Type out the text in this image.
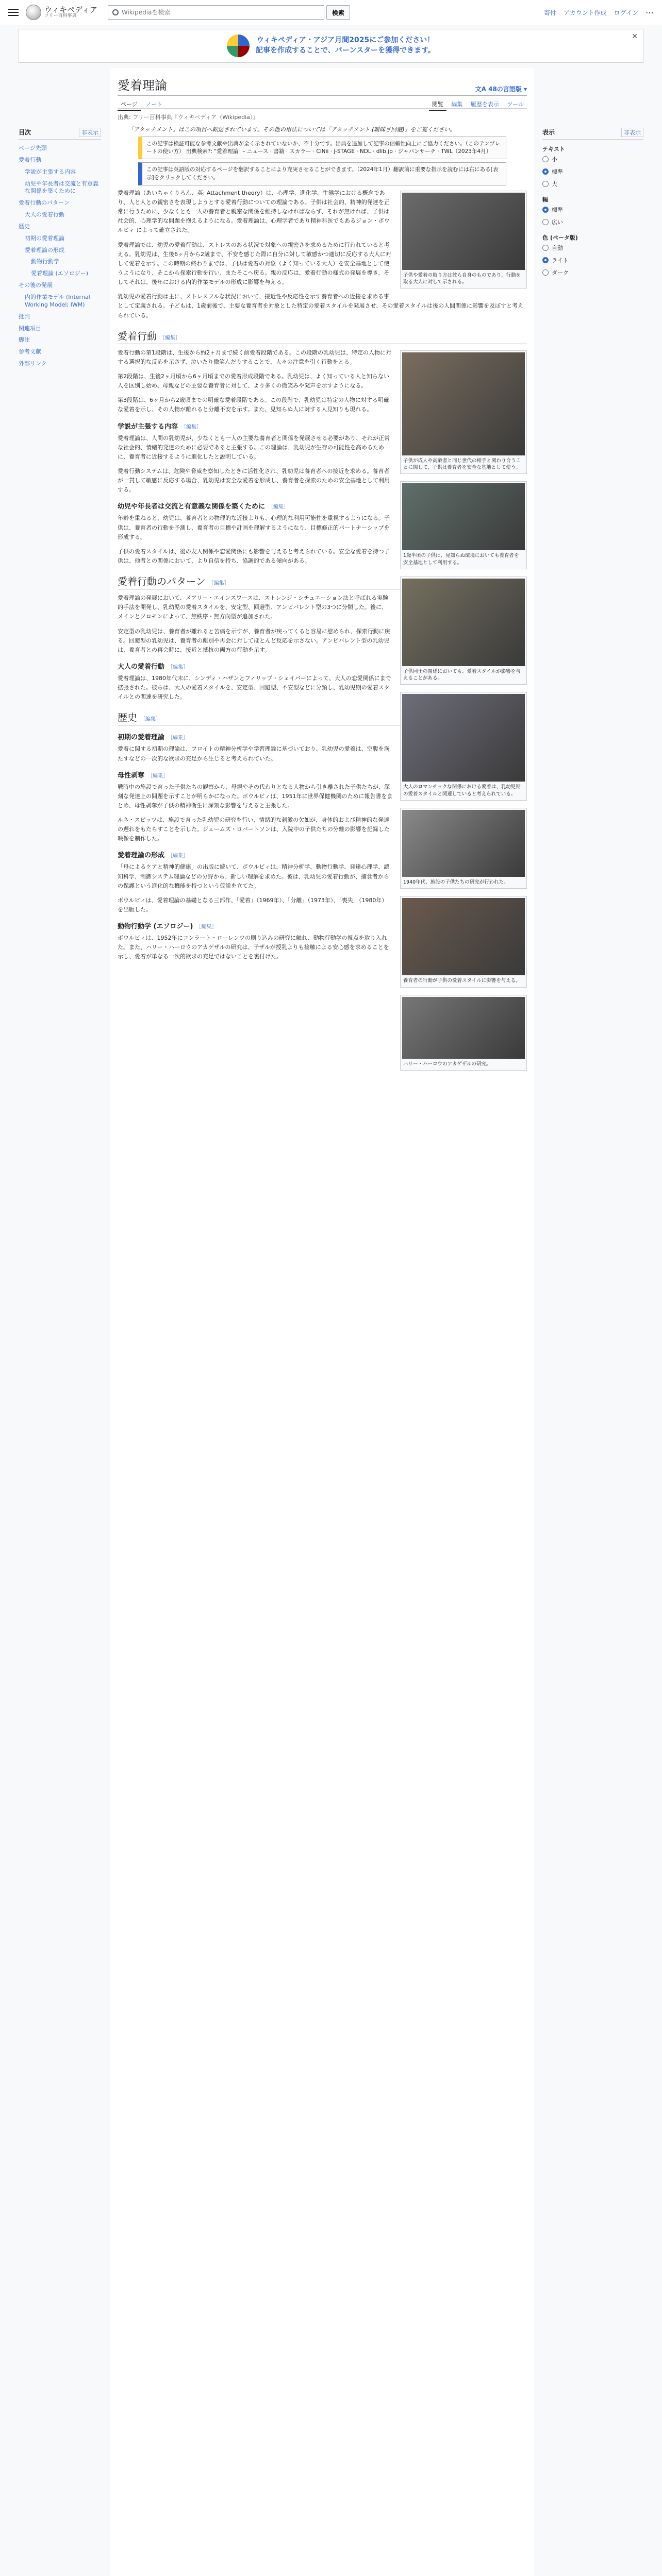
ウィキペディア
フリー百科事典
Wikipediaを検索	検索	寄付 アカウント作成 ログイン ⋯
ウィキペディア・アジア月間2025にご参加ください！
記事を作成することで、バーンスターを獲得できます。
✕
目次	非表示
ページ先頭
愛着行動
学説が主張する内容
幼児や年長者は交流と有意義な関係を築くために
愛着行動のパターン
大人の愛着行動
歴史
初期の愛着理論
愛着理論の形成
動物行動学
愛着理論 (エソロジー)
その後の発展
内的作業モデル (Internal Working Model; IWM)
批判
関連項目
脚注
参考文献
外部リンク
愛着理論	文A 48の言語版 ▾
ページ ノート	閲覧 編集 履歴を表示 ツール
出典: フリー百科事典『ウィキペディア（Wikipedia）』
「アタッチメント」はこの項目へ転送されています。その他の用法については「アタッチメント (曖昧さ回避)」をご覧ください。
この記事は検証可能な参考文献や出典が全く示されていないか、不十分です。出典を追加して記事の信頼性向上にご協力ください。（このテンプレートの使い方） 出典検索?: "愛着理論" – ニュース · 書籍 · スカラー · CiNii · J-STAGE · NDL · dlib.jp · ジャパンサーチ · TWL（2023年4月）
この記事は英語版の対応するページを翻訳することにより充実させることができます。（2024年1月）翻訳前に重要な指示を読むには右にある[表示]をクリックしてください。
子供や愛着の取り方は彼ら自身のものであり、行動を取る大人に対して示される。

愛着理論（あいちゃくりろん、英: Attachment theory）は、心理学、進化学、生態学における概念であり、人と人との親密さを表現しようとする愛着行動についての理論である。子供は社会的、精神的発達を正常に行うために、少なくとも一人の養育者と親密な関係を維持しなければならず、それが無ければ、子供は社会的、心理学的な問題を抱えるようになる。愛着理論は、心理学者であり精神科医でもあるジョン・ボウルビィ によって確立された。

愛着理論では、幼児の愛着行動は、ストレスのある状況で対象への親密さを求めるために行われていると考える。乳幼児は、生後6ヶ月から2歳まで、不安を感じた際に自分に対して敏感かつ適切に反応する大人に対して愛着を示す。この時期の終わりまでは、子供は愛着の対象（よく知っている大人）を安全基地として使うようになり、そこから探索行動を行い、またそこへ戻る。親の反応は、愛着行動の様式の発展を導き、そしてそれは、後年における内的作業モデルの形成に影響を与える。

乳幼児の愛着行動は主に、ストレスフルな状況において、接近性や反応性を示す養育者への近接を求める事として定義される。子どもは、1歳前後で、主要な養育者を対象とした特定の愛着スタイルを発展させ、その愛着スタイルは後の人間関係に影響を及ぼすと考えられている。

愛着行動 ［ 編集 ］
子供が成人や高齢者と同じ世代の相手と関わり合うことに関して、子供は養育者を安全な基地として使う。

愛着行動の第1段階は、生後から約2ヶ月まで続く前愛着段階である。この段階の乳幼児は、特定の人物に対する選択的な反応を示さず、泣いたり微笑んだりすることで、人々の注意を引く行動をとる。

第2段階は、生後2ヶ月頃から6ヶ月頃までの愛着形成段階である。乳幼児は、よく知っている人と知らない人を区別し始め、母親などの主要な養育者に対して、より多くの微笑みや発声を示すようになる。

第3段階は、6ヶ月から2歳頃までの明確な愛着段階である。この段階で、乳幼児は特定の人物に対する明確な愛着を示し、その人物が離れると分離不安を示す。また、見知らぬ人に対する人見知りも現れる。

学説が主張する内容 ［ 編集 ］
1歳半頃の子供は、見知らぬ環境においても養育者を安全基地として利用する。

愛着理論は、人間の乳幼児が、少なくとも一人の主要な養育者と関係を発展させる必要があり、それが正常な社会的、情緒的発達のために必要であると主張する。この理論は、乳幼児が生存の可能性を高めるために、養育者に近接するように進化したと説明している。

愛着行動システムは、危険や脅威を察知したときに活性化され、乳幼児は養育者への接近を求める。養育者が一貫して敏感に反応する場合、乳幼児は安全な愛着を形成し、養育者を探索のための安全基地として利用する。

幼児や年長者は交流と有意義な関係を築くために ［ 編集 ］
子供同士の関係においても、愛着スタイルが影響を与えることがある。

年齢を重ねると、幼児は、養育者との物理的な近接よりも、心理的な利用可能性を重視するようになる。子供は、養育者の行動を予測し、養育者の目標や計画を理解するようになり、目標修正的パートナーシップを形成する。

子供の愛着スタイルは、後の友人関係や恋愛関係にも影響を与えると考えられている。安全な愛着を持つ子供は、他者との関係において、より自信を持ち、協調的である傾向がある。

愛着行動のパターン ［ 編集 ］
大人のロマンチックな関係における愛着は、乳幼児期の愛着スタイルと関連していると考えられている。

愛着理論の発展において、メアリー・エインスワースは、ストレンジ・シチュエーション法と呼ばれる実験的手法を開発し、乳幼児の愛着スタイルを、安定型、回避型、アンビバレント型の3つに分類した。後に、メインとソロモンによって、無秩序・無方向型が追加された。

安定型の乳幼児は、養育者が離れると苦痛を示すが、養育者が戻ってくると容易に慰められ、探索行動に戻る。回避型の乳幼児は、養育者の離別や再会に対してほとんど反応を示さない。アンビバレント型の乳幼児は、養育者との再会時に、接近と抵抗の両方の行動を示す。

大人の愛着行動 ［ 編集 ］
1940年代、施設の子供たちの研究が行われた。

愛着理論は、1980年代末に、シンディ・ハザンとフィリップ・シェイバーによって、大人の恋愛関係にまで拡張された。彼らは、大人の愛着スタイルを、安定型、回避型、不安型などに分類し、乳幼児期の愛着スタイルとの関連を研究した。

歴史 ［ 編集 ］
初期の愛着理論 ［ 編集 ］
養育者の行動が子供の愛着スタイルに影響を与える。

愛着に関する初期の理論は、フロイトの精神分析学や学習理論に基づいており、乳幼児の愛着は、空腹を満たすなどの一次的な欲求の充足から生じると考えられていた。

母性剥奪 ［ 編集 ］
ハリー・ハーロウのアカゲザルの研究。

戦時中の施設で育った子供たちの観察から、母親やその代わりとなる人物から引き離された子供たちが、深刻な発達上の問題を示すことが明らかになった。ボウルビィは、1951年に世界保健機関のために報告書をまとめ、母性剥奪が子供の精神衛生に深刻な影響を与えると主張した。

ルネ・スピッツは、施設で育った乳幼児の研究を行い、情緒的な刺激の欠如が、身体的および精神的な発達の遅れをもたらすことを示した。ジェームズ・ロバートソンは、入院中の子供たちの分離の影響を記録した映像を制作した。

愛着理論の形成 ［ 編集 ］

「母によるケアと精神的健康」の出版に続いて、ボウルビィは、精神分析学、動物行動学、発達心理学、認知科学、制御システム理論などの分野から、新しい理解を求めた。彼は、乳幼児の愛着行動が、捕食者からの保護という進化的な機能を持つという仮説を立てた。

ボウルビィは、愛着理論の基礎となる三部作、「愛着」（1969年）、「分離」（1973年）、「喪失」（1980年）を出版した。

動物行動学 (エソロジー) ［ 編集 ］

ボウルビィは、1952年にコンラート・ローレンツの刷り込みの研究に触れ、動物行動学の視点を取り入れた。また、ハリー・ハーロウのアカゲザルの研究は、子ザルが授乳よりも接触による安心感を求めることを示し、愛着が単なる一次的欲求の充足ではないことを裏付けた。

表示	非表示
テキスト
小
標準
大
幅
標準
広い
色 (ベータ版)
自動
ライト
ダーク
